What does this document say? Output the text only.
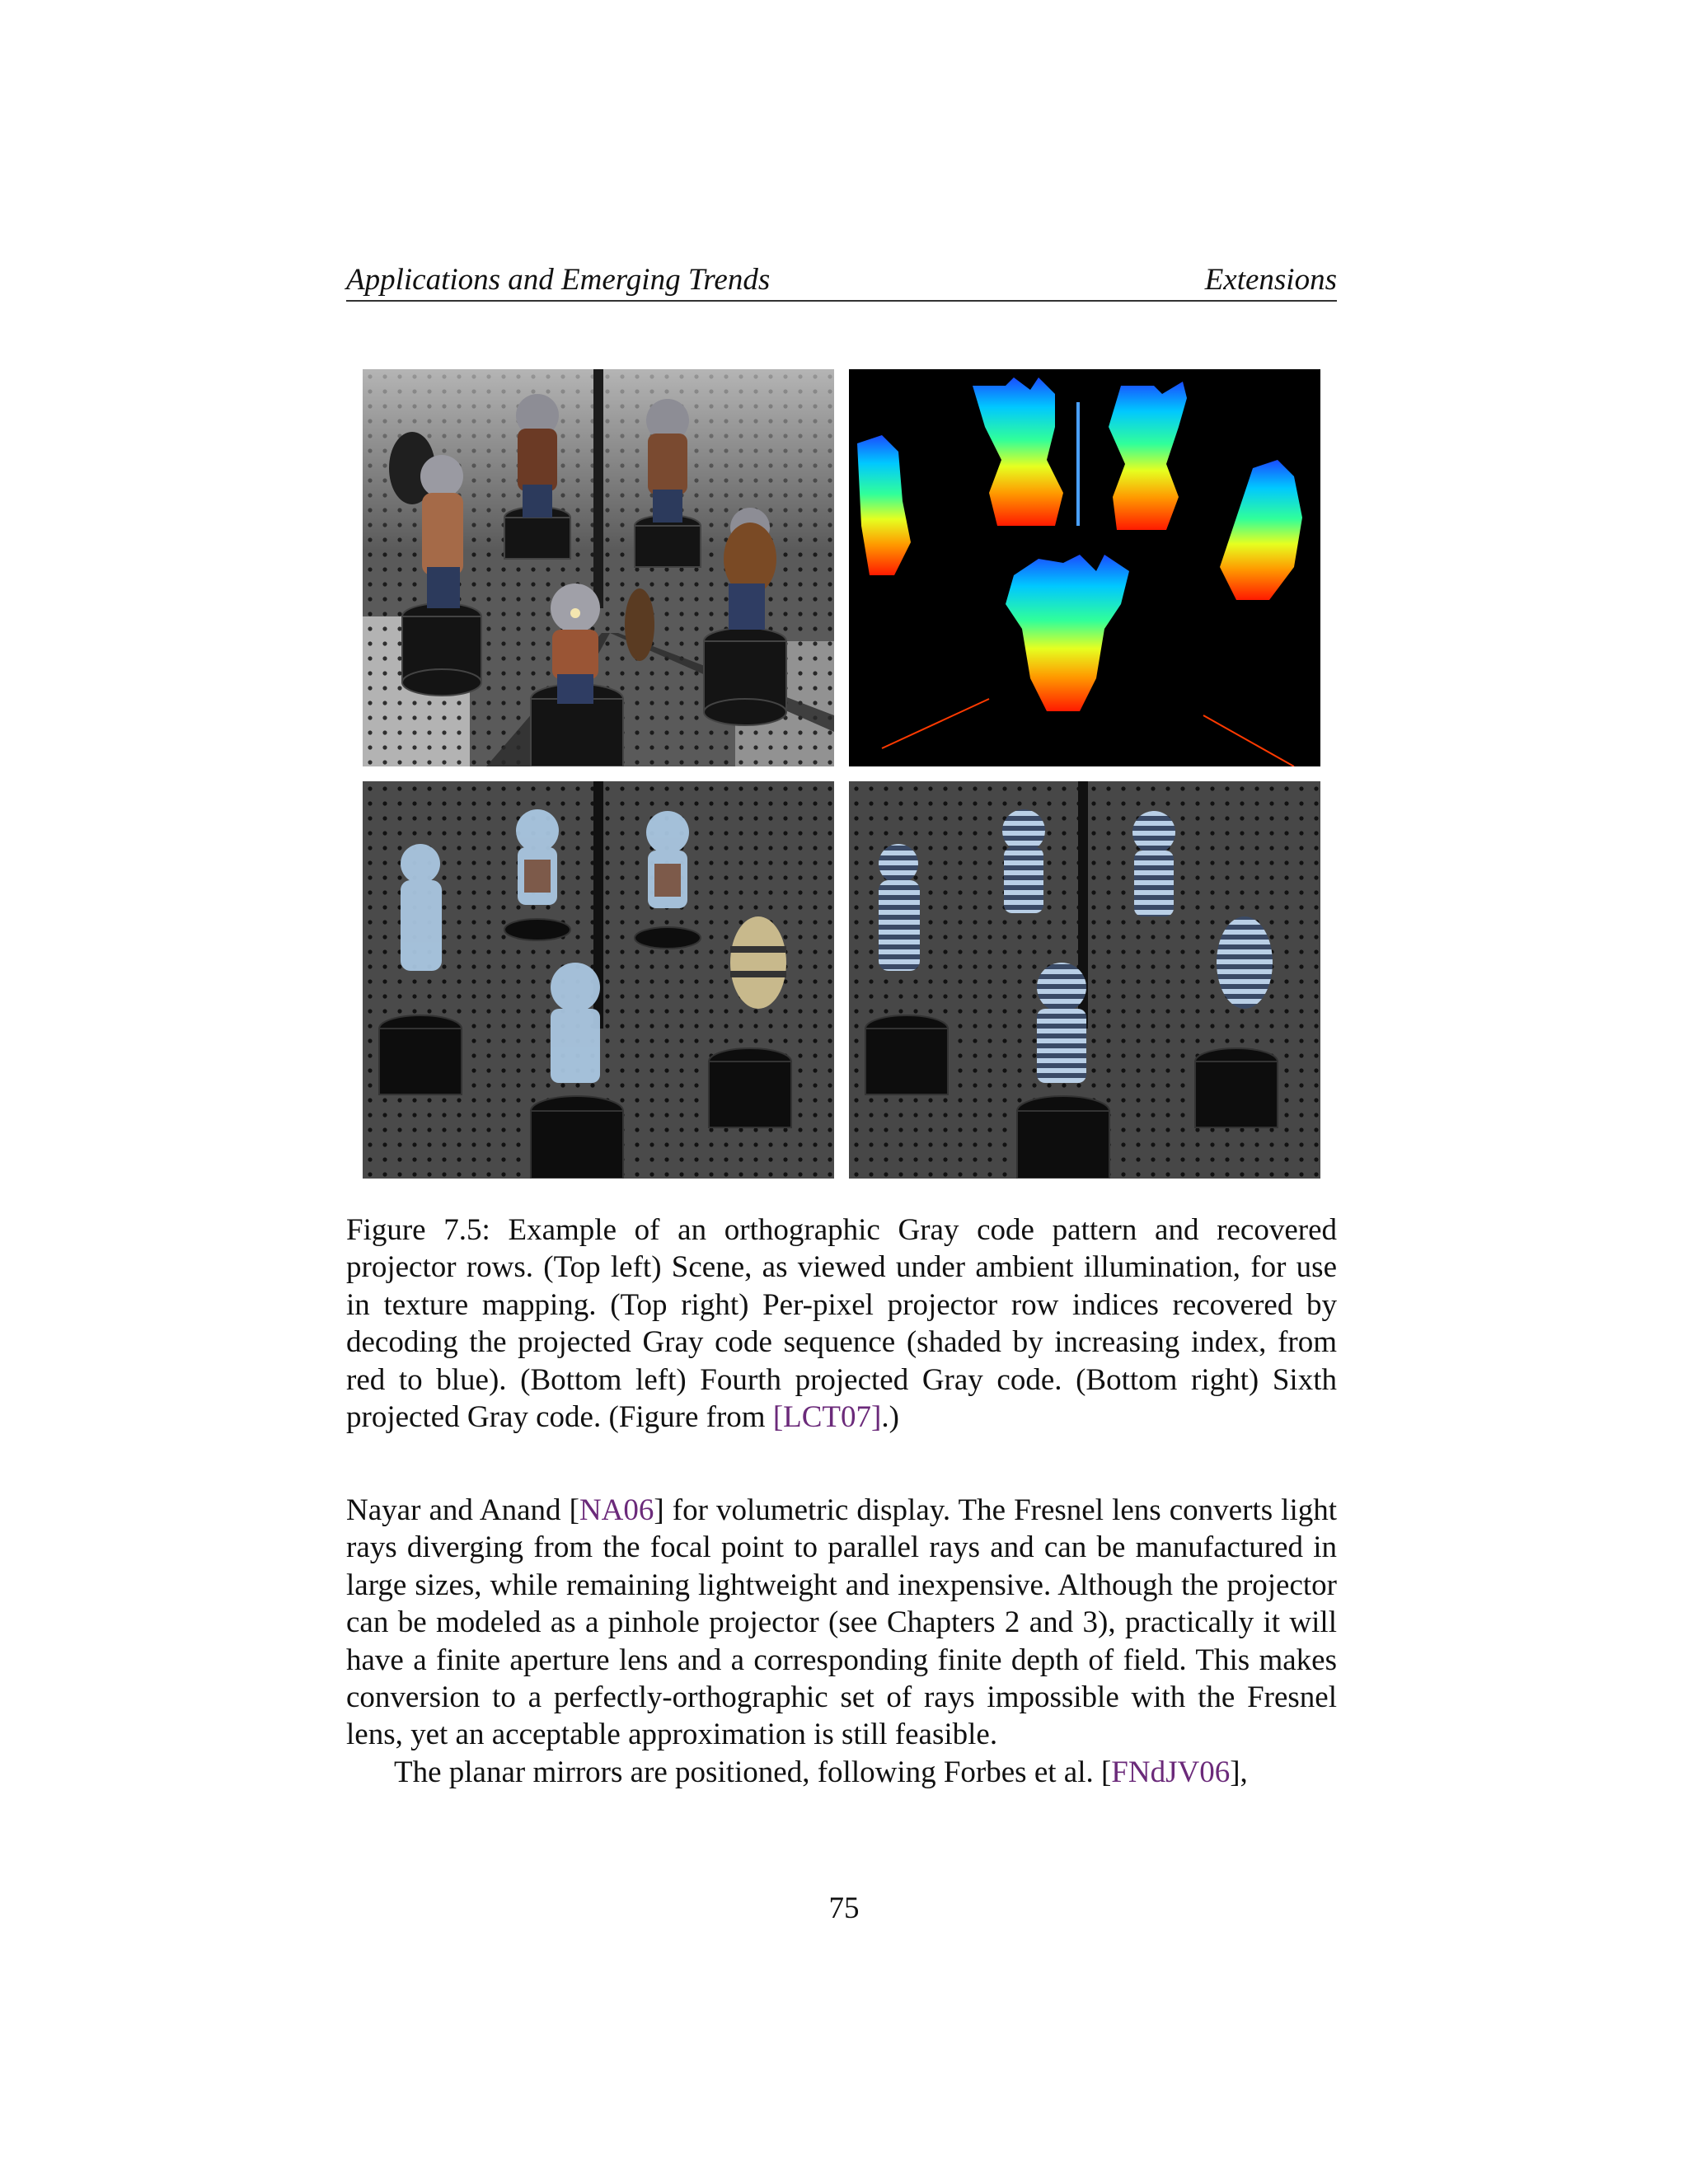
Applications and Emerging Trends	Extensions
Figure 7.5: Example of an orthographic Gray code pattern and recovered projector rows. (Top left) Scene, as viewed under ambient illumination, for use in texture mapping. (Top right) Per-pixel projector row indices recovered by decoding the projected Gray code sequence (shaded by increasing index, from red to blue). (Bottom left) Fourth projected Gray code. (Bottom right) Sixth projected Gray code. (Figure from [LCT07].)

Nayar and Anand [NA06] for volumetric display. The Fresnel lens converts light rays diverging from the focal point to parallel rays and can be manufactured in large sizes, while remaining lightweight and inexpensive. Although the projector can be modeled as a pinhole projector (see Chapters 2 and 3), practically it will have a finite aperture lens and a corresponding finite depth of field. This makes conversion to a perfectly-orthographic set of rays impossible with the Fresnel lens, yet an acceptable approximation is still feasible.

The planar mirrors are positioned, following Forbes et al. [FNdJV06],

75
